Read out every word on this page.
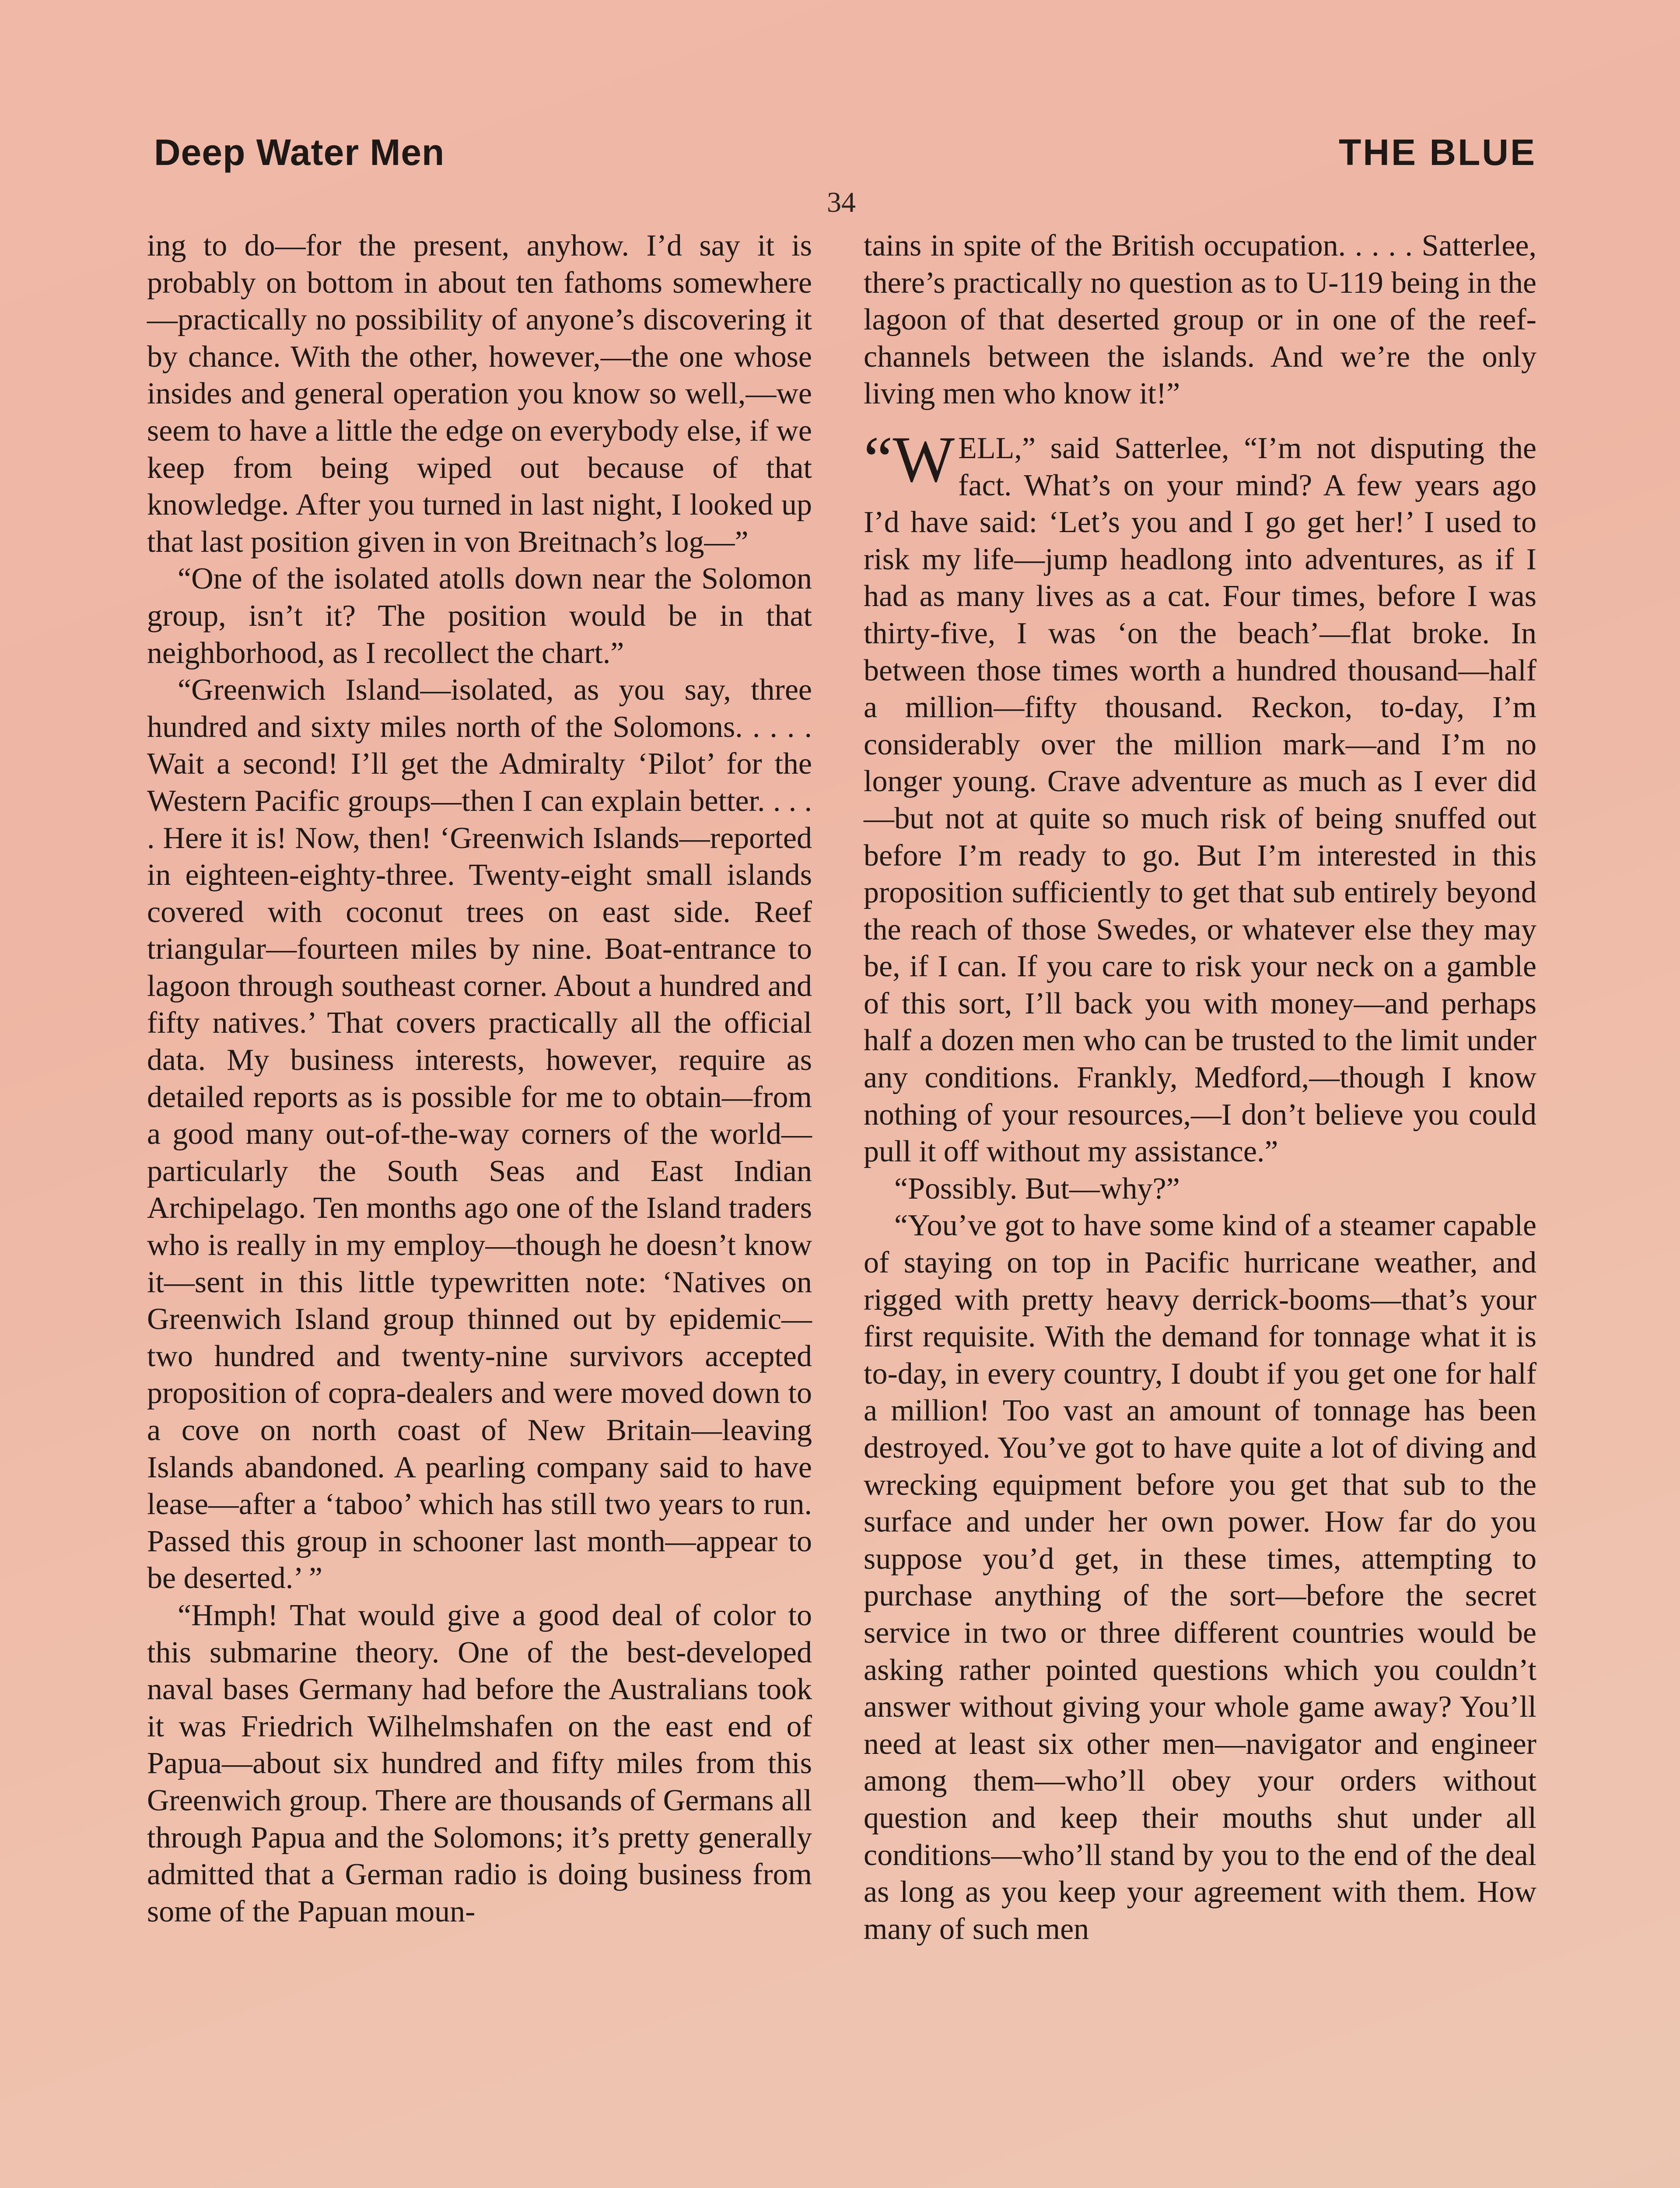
Deep Water Men	THE BLUE
34

ing to do—for the present, anyhow. I’d say it is probably on bottom in about ten fathoms somewhere—practically no possibility of anyone’s discovering it by chance. With the other, however,—the one whose insides and general operation you know so well,—we seem to have a little the edge on everybody else, if we keep from being wiped out because of that knowledge. After you turned in last night, I looked up that last position given in von Breitnach’s log—”

“One of the isolated atolls down near the Solomon group, isn’t it? The position would be in that neighborhood, as I recollect the chart.”

“Greenwich Island—isolated, as you say, three hundred and sixty miles north of the Solomons. . . . . Wait a second! I’ll get the Admiralty ‘Pilot’ for the Western Pacific groups—then I can explain better. . . . . Here it is! Now, then! ‘Greenwich Islands—reported in eighteen-eighty-three. Twenty-eight small islands covered with coconut trees on east side. Reef triangular—fourteen miles by nine. Boat-entrance to lagoon through southeast corner. About a hundred and fifty natives.’ That covers practically all the official data. My business interests, however, require as detailed reports as is possible for me to obtain—from a good many out-of-the-way corners of the world—particularly the South Seas and East Indian Archipelago. Ten months ago one of the Island traders who is really in my employ—though he doesn’t know it—sent in this little typewritten note: ‘Natives on Greenwich Island group thinned out by epidemic—two hundred and twenty-nine survivors accepted proposition of copra-dealers and were moved down to a cove on north coast of New Britain—leaving Islands abandoned. A pearling company said to have lease—after a ‘taboo’ which has still two years to run. Passed this group in schooner last month—appear to be deserted.’ ”

“Hmph! That would give a good deal of color to this submarine theory. One of the best-developed naval bases Germany had before the Australians took it was Friedrich Wilhelmshafen on the east end of Papua—about six hundred and fifty miles from this Greenwich group. There are thousands of Germans all through Papua and the Solomons; it’s pretty generally admitted that a German radio is doing business from some of the Papuan moun-

tains in spite of the British occupation. . . . . Satterlee, there’s practically no question as to U-119 being in the lagoon of that deserted group or in one of the reef-channels between the islands. And we’re the only living men who know it!”

“WELL,” said Satterlee, “I’m not disputing the fact. What’s on your mind? A few years ago I’d have said: ‘Let’s you and I go get her!’ I used to risk my life—jump headlong into adventures, as if I had as many lives as a cat. Four times, before I was thirty-five, I was ‘on the beach’—flat broke. In between those times worth a hundred thousand—half a million—fifty thousand. Reckon, to-day, I’m considerably over the million mark—and I’m no longer young. Crave adventure as much as I ever did—but not at quite so much risk of being snuffed out before I’m ready to go. But I’m interested in this proposition sufficiently to get that sub entirely beyond the reach of those Swedes, or whatever else they may be, if I can. If you care to risk your neck on a gamble of this sort, I’ll back you with money—and perhaps half a dozen men who can be trusted to the limit under any conditions. Frankly, Medford,—though I know nothing of your resources,—I don’t believe you could pull it off without my assistance.”

“Possibly. But—why?”

“You’ve got to have some kind of a steamer capable of staying on top in Pacific hurricane weather, and rigged with pretty heavy derrick-booms—that’s your first requisite. With the demand for tonnage what it is to-day, in every country, I doubt if you get one for half a million! Too vast an amount of tonnage has been destroyed. You’ve got to have quite a lot of diving and wrecking equipment before you get that sub to the surface and under her own power. How far do you suppose you’d get, in these times, attempting to purchase anything of the sort—before the secret service in two or three different countries would be asking rather pointed questions which you couldn’t answer without giving your whole game away? You’ll need at least six other men—navigator and engineer among them—who’ll obey your orders without question and keep their mouths shut under all conditions—who’ll stand by you to the end of the deal as long as you keep your agreement with them. How many of such men
